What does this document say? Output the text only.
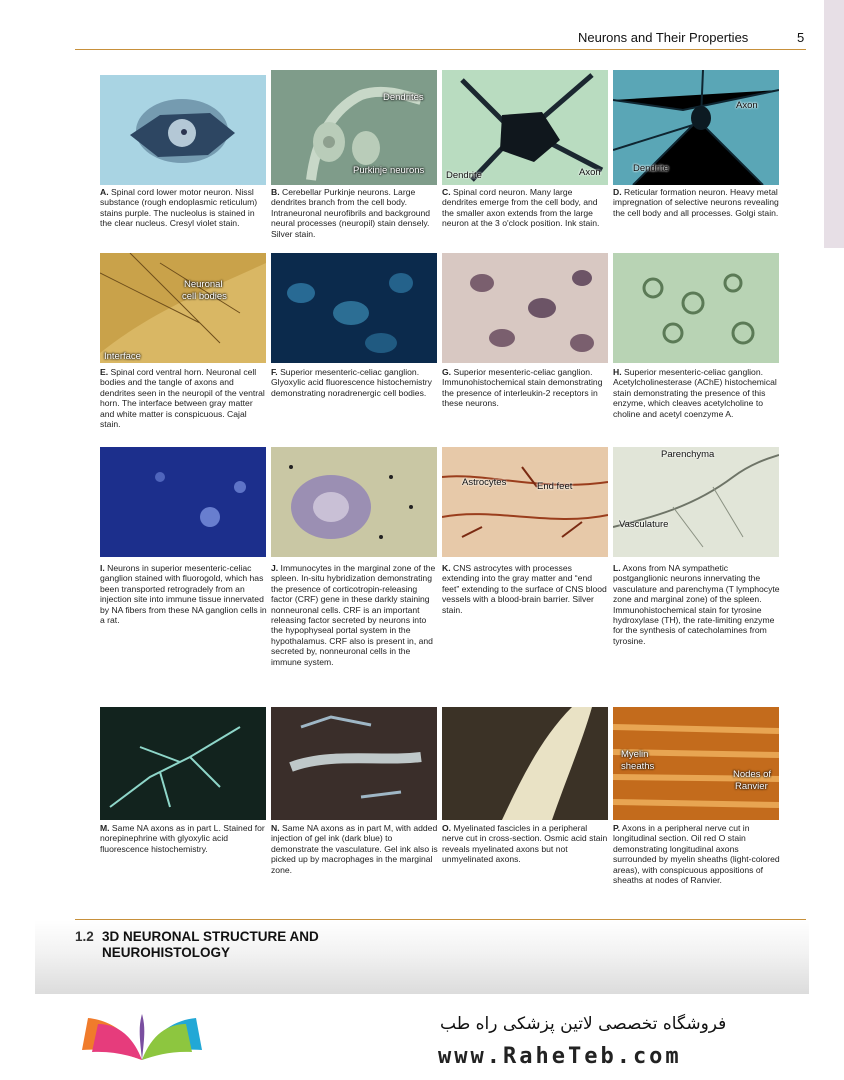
Neurons and Their Properties	5
A. Spinal cord lower motor neuron. Nissl substance (rough endoplasmic reticulum) stains purple. The nucleolus is stained in the clear nucleus. Cresyl violet stain.
Dendrites
Purkinje neurons
B. Cerebellar Purkinje neurons. Large dendrites branch from the cell body. Intraneuronal neurofibrils and background neural processes (neuropil) stain densely. Silver stain.
Dendrite	Axon
C. Spinal cord neuron. Many large dendrites emerge from the cell body, and the smaller axon extends from the large neuron at the 3 o'clock position. Ink stain.
Axon
Dendrite
D. Reticular formation neuron. Heavy metal impregnation of selective neurons revealing the cell body and all processes. Golgi stain.
Neuronal
cell bodies
Interface
E. Spinal cord ventral horn. Neuronal cell bodies and the tangle of axons and dendrites seen in the neuropil of the ventral horn. The interface between gray matter and white matter is conspicuous. Cajal stain.
F. Superior mesenteric-celiac ganglion. Glyoxylic acid fluorescence histochemistry demonstrating noradrenergic cell bodies.
G. Superior mesenteric-celiac ganglion. Immunohistochemical stain demonstrating the presence of interleukin-2 receptors in these neurons.
H. Superior mesenteric-celiac ganglion. Acetylcholinesterase (AChE) histochemical stain demonstrating the presence of this enzyme, which cleaves acetylcholine to choline and acetyl coenzyme A.
I. Neurons in superior mesenteric-celiac ganglion stained with fluorogold, which has been transported retrogradely from an injection site into immune tissue innervated by NA fibers from these NA ganglion cells in a rat.
J. Immunocytes in the marginal zone of the spleen. In-situ hybridization demonstrating the presence of corticotropin-releasing factor (CRF) gene in these darkly staining nonneuronal cells. CRF is an important releasing factor secreted by neurons into the hypophyseal portal system in the hypothalamus. CRF also is present in, and secreted by, nonneuronal cells in the immune system.
Astrocytes	End feet
K. CNS astrocytes with processes extending into the gray matter and “end feet” extending to the surface of CNS blood vessels with a blood-brain barrier. Silver stain.
Parenchyma
Vasculature
L. Axons from NA sympathetic postganglionic neurons innervating the vasculature and parenchyma (T lymphocyte zone and marginal zone) of the spleen. Immunohistochemical stain for tyrosine hydroxylase (TH), the rate-limiting enzyme for the synthesis of catecholamines from tyrosine.
M. Same NA axons as in part L. Stained for norepinephrine with glyoxylic acid fluorescence histochemistry.
N. Same NA axons as in part M, with added injection of gel ink (dark blue) to demonstrate the vasculature. Gel ink also is picked up by macrophages in the marginal zone.
O. Myelinated fascicles in a peripheral nerve cut in cross-section. Osmic acid stain reveals myelinated axons but not unmyelinated axons.
Myelin
sheaths
Nodes of
Ranvier
P. Axons in a peripheral nerve cut in longitudinal section. Oil red O stain demonstrating longitudinal axons surrounded by myelin sheaths (light-colored areas), with conspicuous appositions of sheaths at nodes of Ranvier.
1.2 3D NEURONAL STRUCTURE AND NEUROHISTOLOGY
فروشگاه تخصصی لاتین پزشکی راه طب
www.RaheTeb.com
